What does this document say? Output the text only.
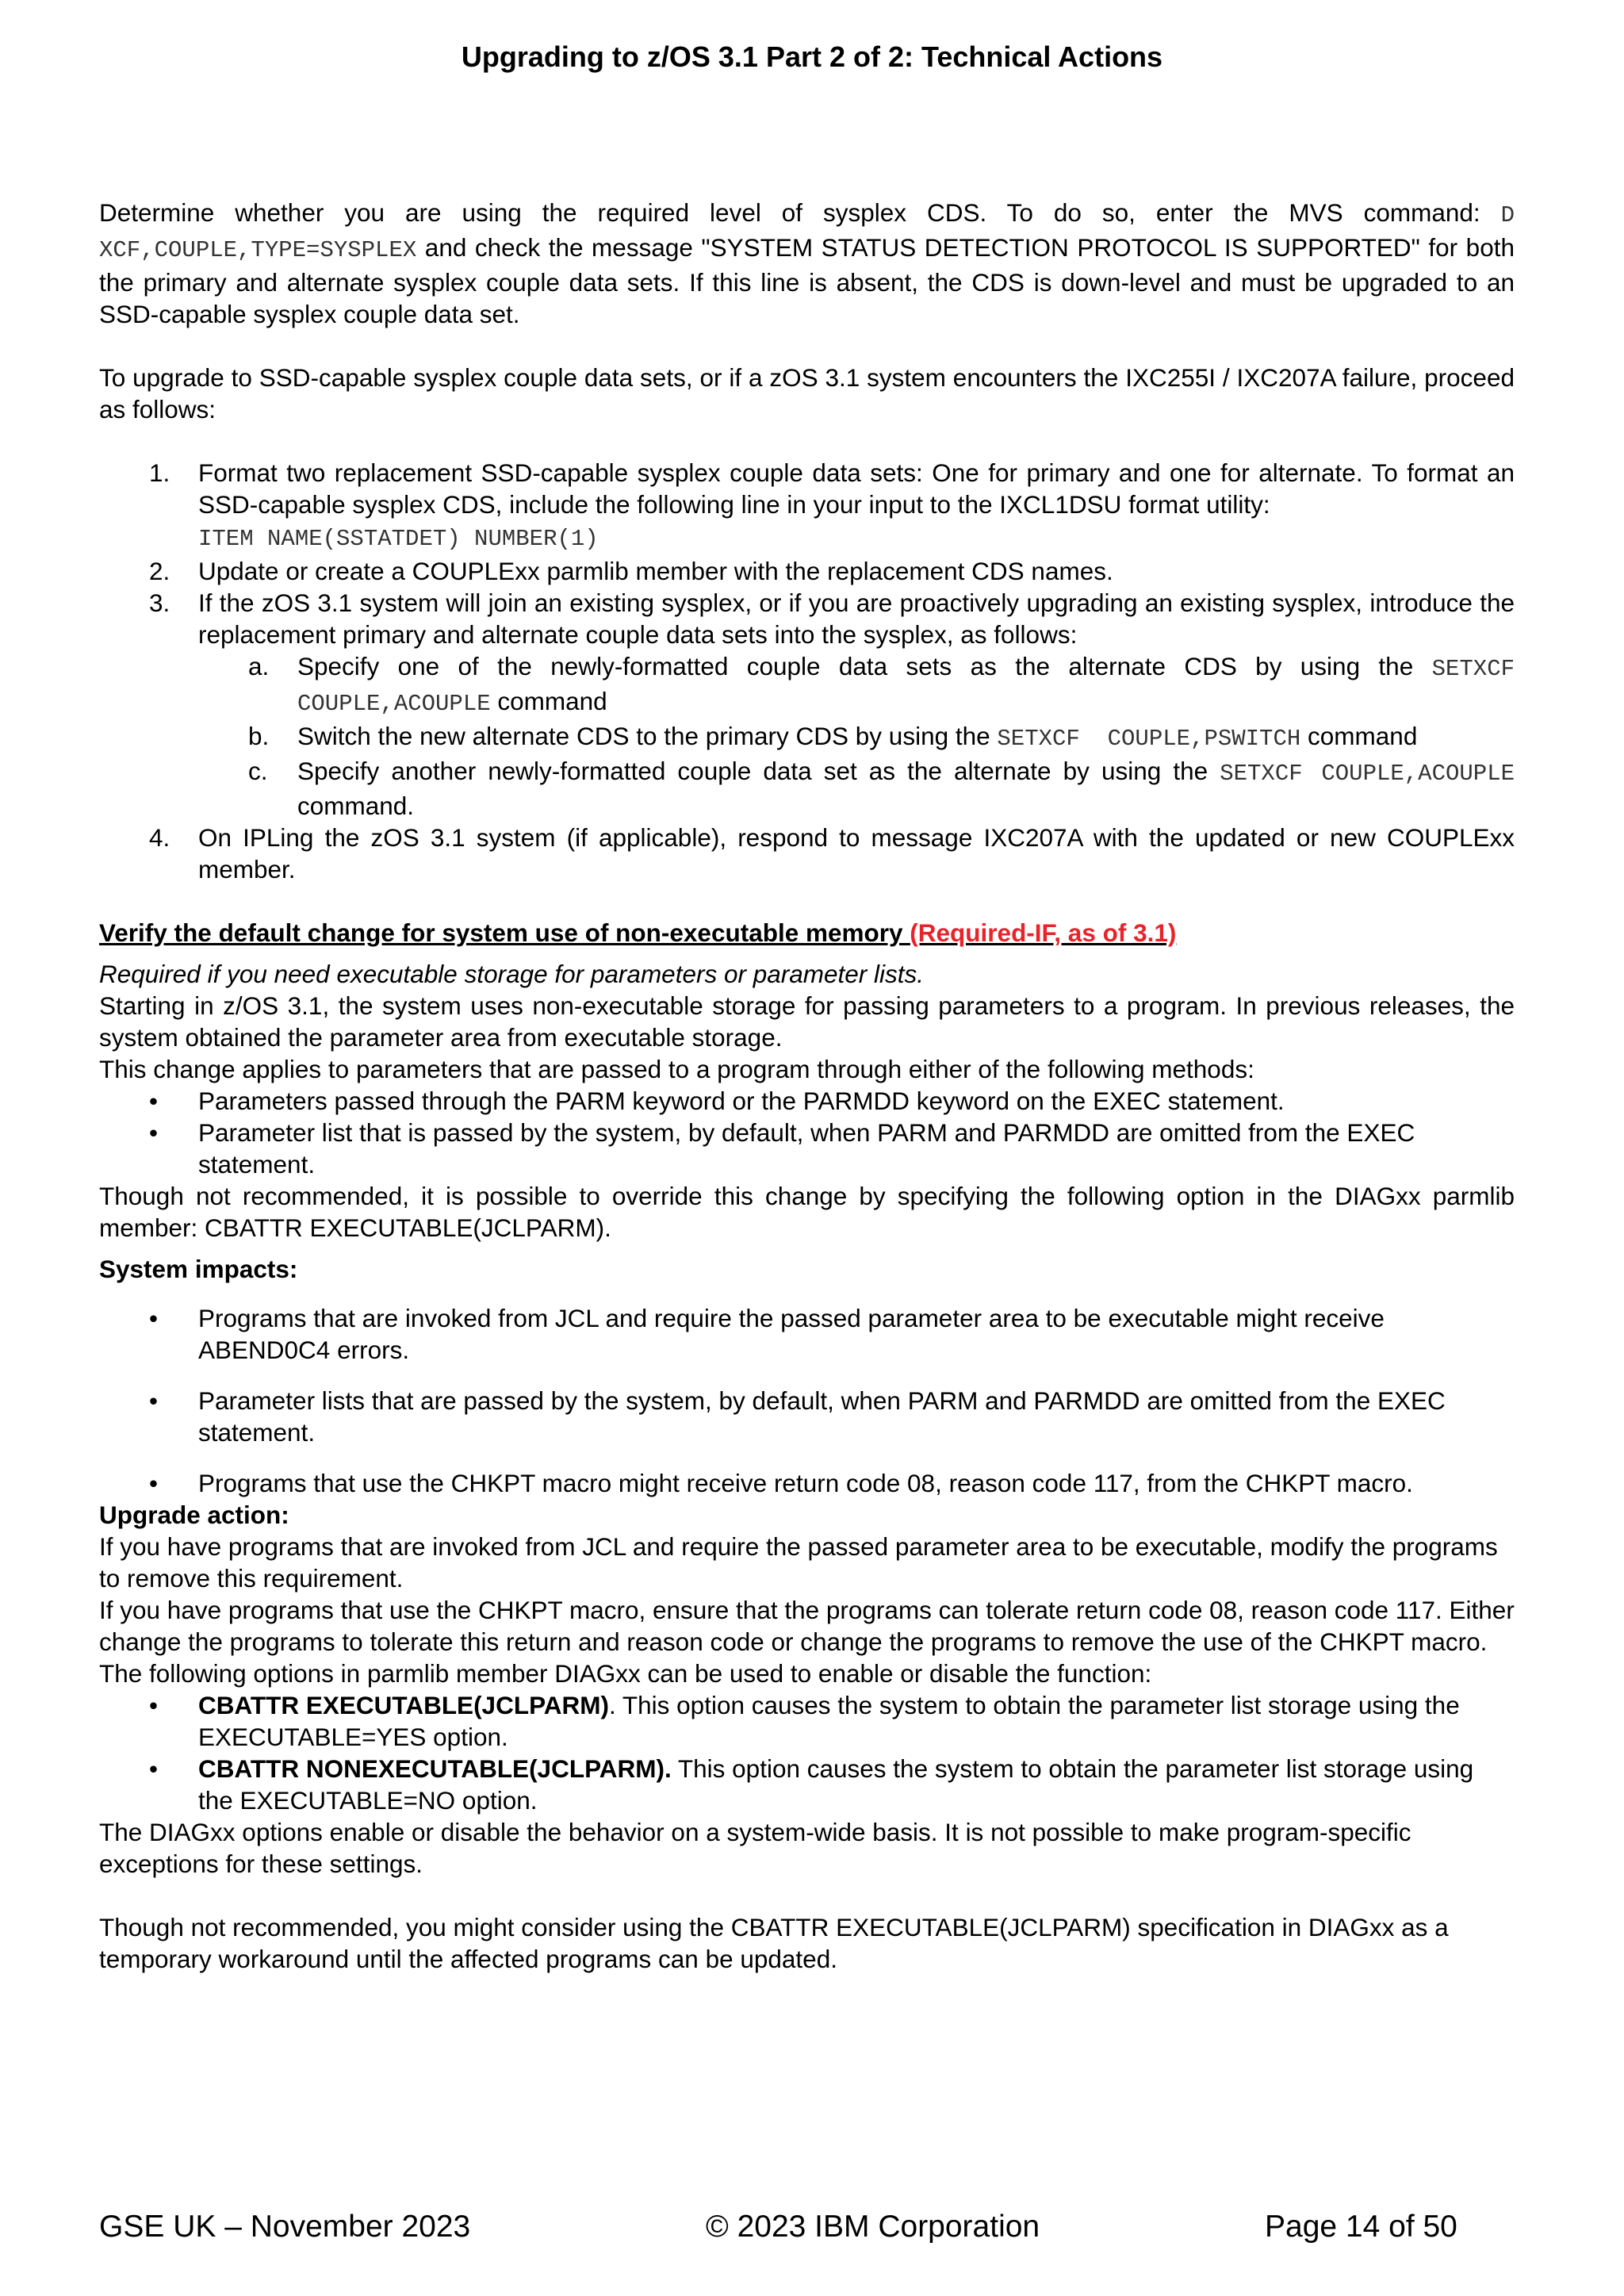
Upgrading to z/OS 3.1 Part 2 of 2: Technical Actions

Determine whether you are using the required level of sysplex CDS. To do so, enter the MVS command: D XCF,COUPLE,TYPE=SYSPLEX and check the message "SYSTEM STATUS DETECTION PROTOCOL IS SUPPORTED" for both the primary and alternate sysplex couple data sets. If this line is absent, the CDS is down-level and must be upgraded to an SSD-capable sysplex couple data set.

To upgrade to SSD-capable sysplex couple data sets, or if a zOS 3.1 system encounters the IXC255I / IXC207A failure, proceed as follows:

1. Format two replacement SSD-capable sysplex couple data sets: One for primary and one for alternate. To format an SSD-capable sysplex CDS, include the following line in your input to the IXCL1DSU format utility:
ITEM NAME(SSTATDET) NUMBER(1)
2. Update or create a COUPLExx parmlib member with the replacement CDS names.
3. If the zOS 3.1 system will join an existing sysplex, or if you are proactively upgrading an existing sysplex, introduce the replacement primary and alternate couple data sets into the sysplex, as follows:
a. Specify one of the newly-formatted couple data sets as the alternate CDS by using the SETXCF COUPLE,ACOUPLE command
b. Switch the new alternate CDS to the primary CDS by using the SETXCF  COUPLE,PSWITCH command
c. Specify another newly-formatted couple data set as the alternate by using the SETXCF COUPLE,ACOUPLE command.
4. On IPLing the zOS 3.1 system (if applicable), respond to message IXC207A with the updated or new COUPLExx member.

Verify the default change for system use of non-executable memory (Required-IF, as of 3.1)

Required if you need executable storage for parameters or parameter lists.

Starting in z/OS 3.1, the system uses non-executable storage for passing parameters to a program. In previous releases, the system obtained the parameter area from executable storage.

This change applies to parameters that are passed to a program through either of the following methods:

• Parameters passed through the PARM keyword or the PARMDD keyword on the EXEC statement.
• Parameter list that is passed by the system, by default, when PARM and PARMDD are omitted from the EXEC statement.

Though not recommended, it is possible to override this change by specifying the following option in the DIAGxx parmlib member: CBATTR EXECUTABLE(JCLPARM).

System impacts:

• Programs that are invoked from JCL and require the passed parameter area to be executable might receive ABEND0C4 errors.
• Parameter lists that are passed by the system, by default, when PARM and PARMDD are omitted from the EXEC statement.
• Programs that use the CHKPT macro might receive return code 08, reason code 117, from the CHKPT macro.

Upgrade action:

If you have programs that are invoked from JCL and require the passed parameter area to be executable, modify the programs to remove this requirement.

If you have programs that use the CHKPT macro, ensure that the programs can tolerate return code 08, reason code 117. Either change the programs to tolerate this return and reason code or change the programs to remove the use of the CHKPT macro.

The following options in parmlib member DIAGxx can be used to enable or disable the function:

• CBATTR EXECUTABLE(JCLPARM). This option causes the system to obtain the parameter list storage using the EXECUTABLE=YES option.
• CBATTR NONEXECUTABLE(JCLPARM). This option causes the system to obtain the parameter list storage using the EXECUTABLE=NO option.

The DIAGxx options enable or disable the behavior on a system-wide basis. It is not possible to make program-specific exceptions for these settings.

Though not recommended, you might consider using the CBATTR EXECUTABLE(JCLPARM) specification in DIAGxx as a temporary workaround until the affected programs can be updated.

GSE UK – November 2023	© 2023 IBM Corporation	Page 14 of 50
